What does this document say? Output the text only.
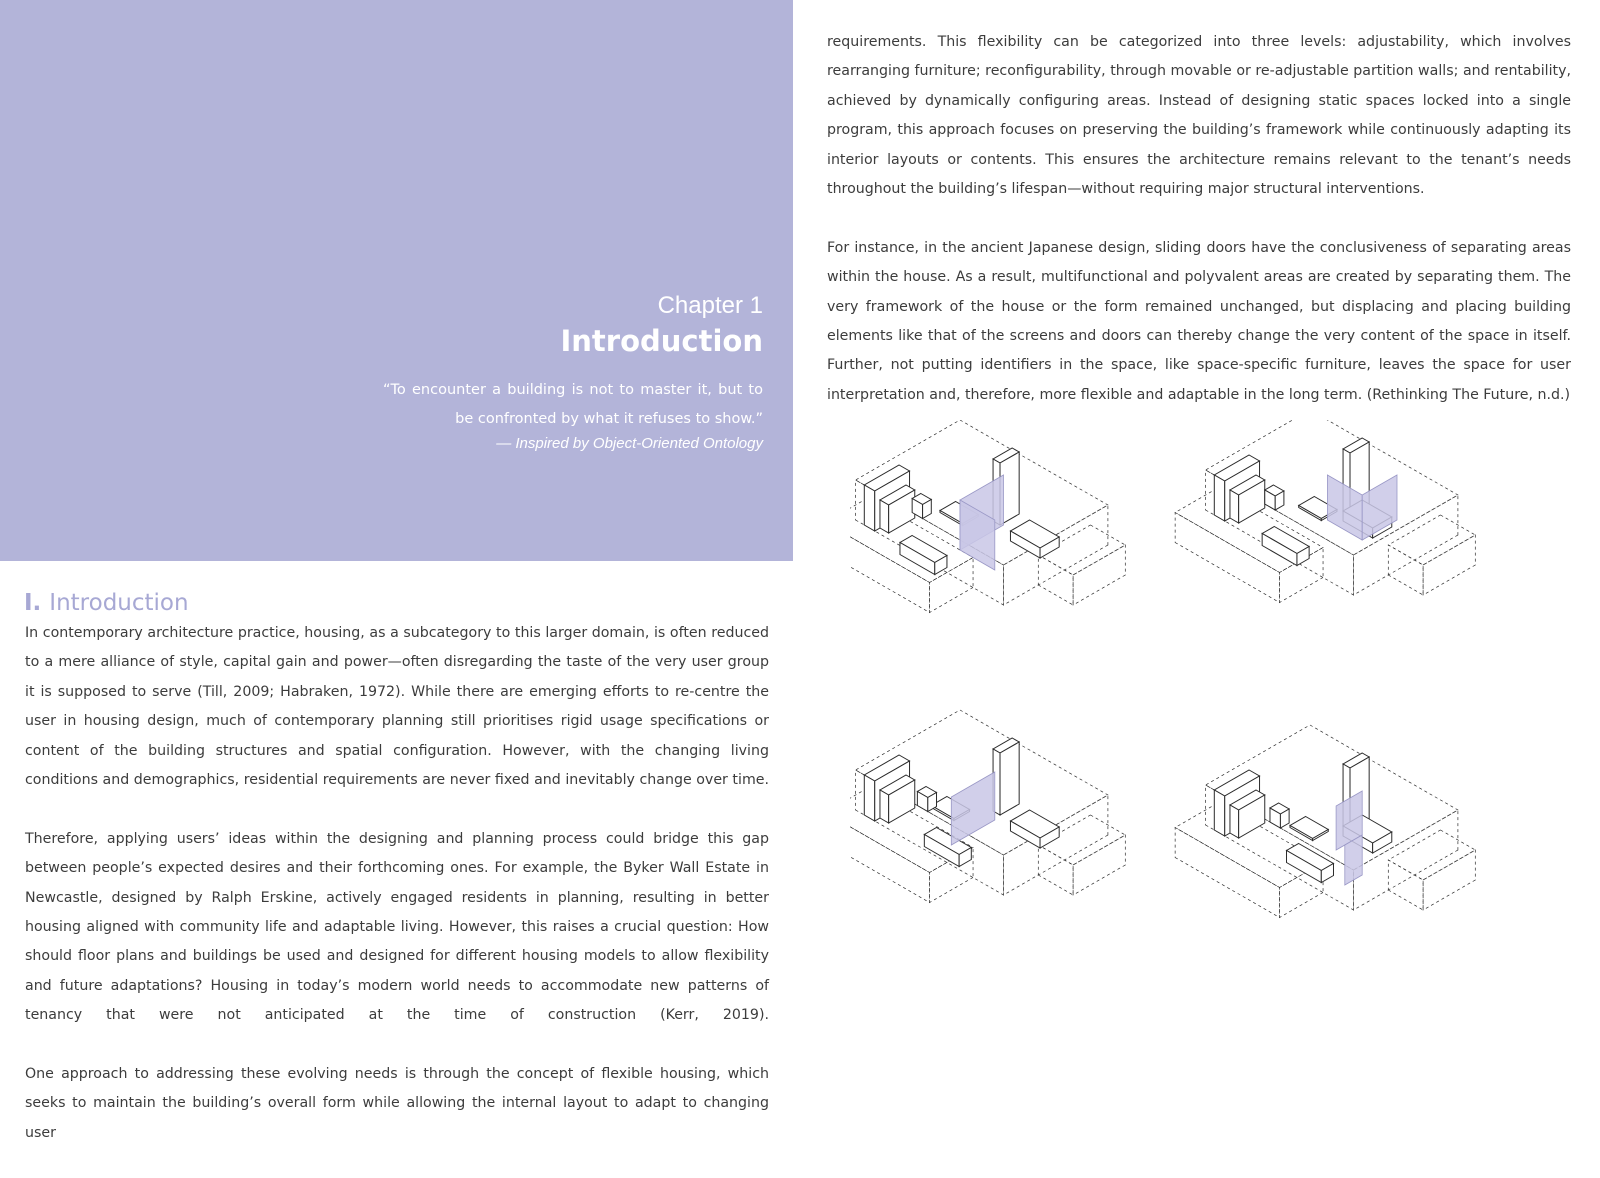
Chapter 1
Introduction
“To encounter a building is not to master it, but to be confronted by what it refuses to show.”
— Inspired by Object-Oriented Ontology
I. Introduction

In contemporary architecture practice, housing, as a subcategory to this larger domain, is often reduced to a mere alliance of style, capital gain and power—often disregarding the taste of the very user group it is supposed to serve (Till, 2009; Habraken, 1972). While there are emerging efforts to re-centre the user in housing design, much of contemporary planning still prioritises rigid usage specifications or content of the building structures and spatial configuration. However, with the changing living conditions and demographics, residential requirements are never fixed and inevitably change over time.

Therefore, applying users’ ideas within the designing and planning process could bridge this gap between people’s expected desires and their forthcoming ones. For example, the Byker Wall Estate in Newcastle, designed by Ralph Erskine, actively engaged residents in planning, resulting in better housing aligned with community life and adaptable living. However, this raises a crucial question: How should floor plans and buildings be used and designed for different housing models to allow flexibility and future adaptations? Housing in today’s modern world needs to accommodate new patterns of tenancy that were not anticipated at the time of construction (Kerr, 2019).

One approach to addressing these evolving needs is through the concept of flexible housing, which seeks to maintain the building’s overall form while allowing the internal layout to adapt to changing user

requirements. This flexibility can be categorized into three levels: adjustability, which involves rearranging furniture; reconfigurability, through movable or re-adjustable partition walls; and rentability, achieved by dynamically configuring areas. Instead of designing static spaces locked into a single program, this approach focuses on preserving the building’s framework while continuously adapting its interior layouts or contents. This ensures the architecture remains relevant to the tenant’s needs throughout the building’s lifespan—without requiring major structural interventions.

For instance, in the ancient Japanese design, sliding doors have the conclusiveness of separating areas within the house. As a result, multifunctional and polyvalent areas are created by separating them. The very framework of the house or the form remained unchanged, but displacing and placing building elements like that of the screens and doors can thereby change the very content of the space in itself. Further, not putting identifiers in the space, like space-specific furniture, leaves the space for user interpretation and, therefore, more flexible and adaptable in the long term. (Rethinking The Future, n.d.)
